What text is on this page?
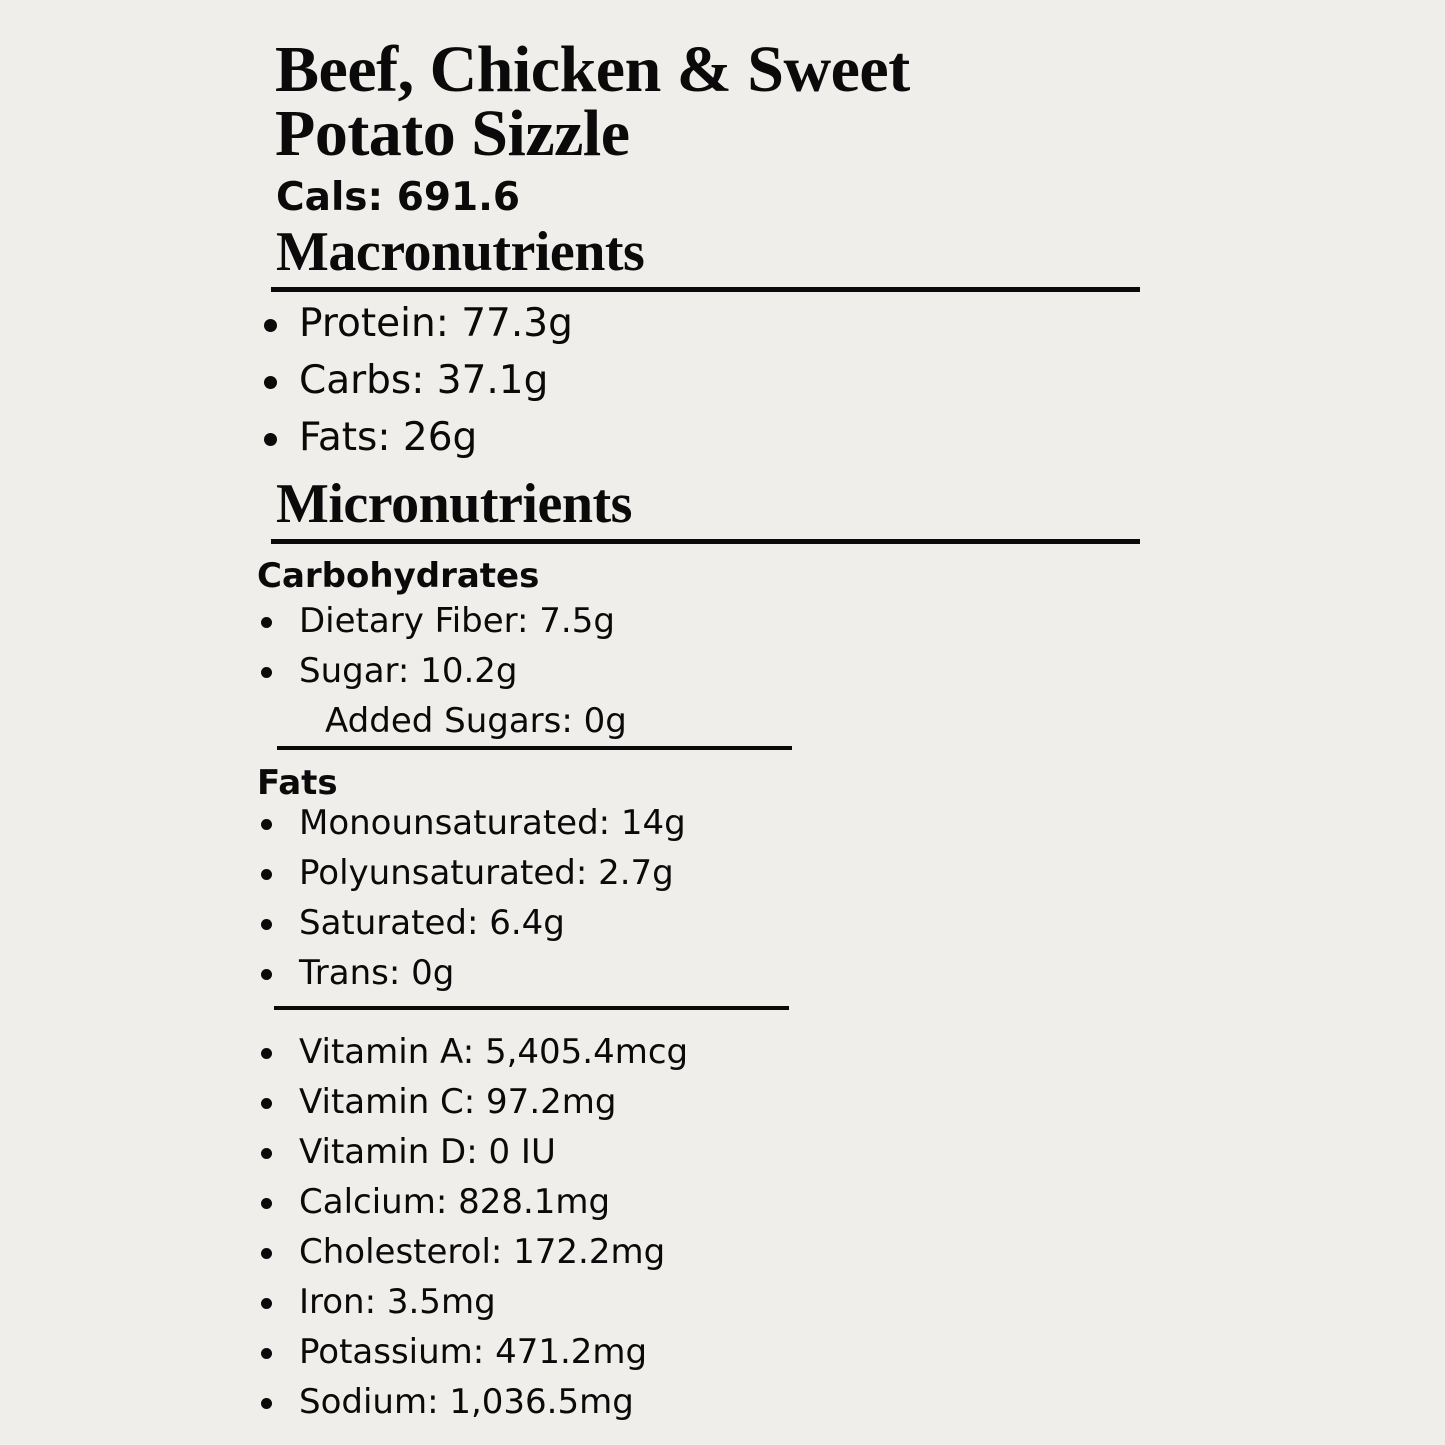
Beef, Chicken & Sweet
Potato Sizzle
Cals: 691.6
Macronutrients
Protein: 77.3g
Carbs: 37.1g
Fats: 26g
Micronutrients
Carbohydrates
Dietary Fiber: 7.5g
Sugar: 10.2g
Added Sugars: 0g
Fats
Monounsaturated: 14g
Polyunsaturated: 2.7g
Saturated: 6.4g
Trans: 0g
Vitamin A: 5,405.4mcg
Vitamin C: 97.2mg
Vitamin D: 0 IU
Calcium: 828.1mg
Cholesterol: 172.2mg
Iron: 3.5mg
Potassium: 471.2mg
Sodium: 1,036.5mg
